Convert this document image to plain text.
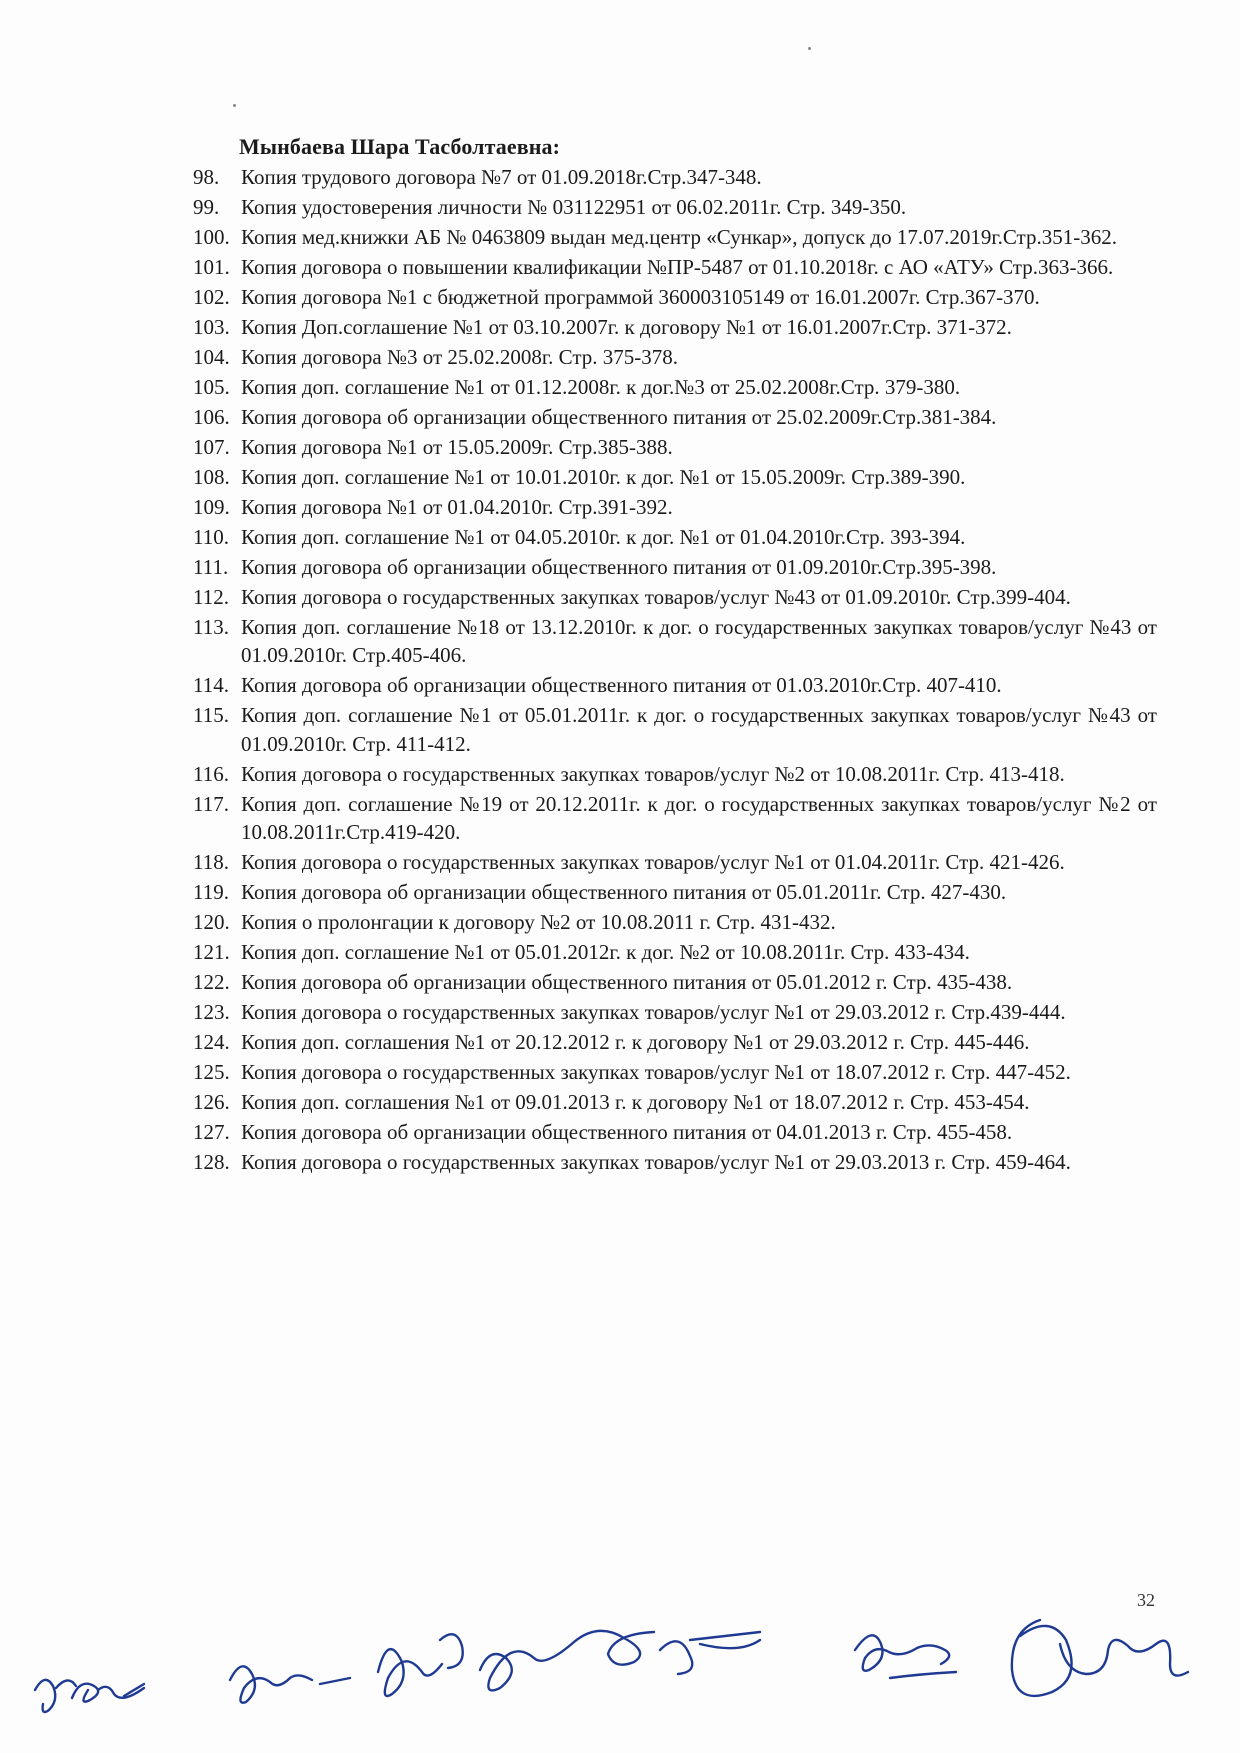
Мынбаева Шара Тасболтаевна:
98.	Копия трудового договора №7 от 01.09.2018г.Стр.347-348.
99.	Копия удостоверения личности № 031122951 от 06.02.2011г. Стр. 349-350.
100. Копия мед.книжки АБ № 0463809 выдан мед.центр «Сункар», допуск до 17.07.2019г.Стр.351-362.
101. Копия договора о повышении квалификации №ПР-5487 от 01.10.2018г. с АО «АТУ» Стр.363-366.
102. Копия договора №1 с бюджетной программой 360003105149 от 16.01.2007г. Стр.367-370.
103. Копия Доп.соглашение №1 от 03.10.2007г. к договору №1 от 16.01.2007г.Стр. 371-372.
104. Копия договора №3 от 25.02.2008г. Стр. 375-378.
105. Копия доп. соглашение №1 от 01.12.2008г. к дог.№3 от 25.02.2008г.Стр. 379-380.
106. Копия договора об организации общественного питания от 25.02.2009г.Стр.381-384.
107. Копия договора №1 от 15.05.2009г. Стр.385-388.
108. Копия доп. соглашение №1 от 10.01.2010г. к дог. №1 от 15.05.2009г. Стр.389-390.
109. Копия договора №1 от 01.04.2010г. Стр.391-392.
110. Копия доп. соглашение №1 от 04.05.2010г. к дог. №1 от 01.04.2010г.Стр. 393-394.
111. Копия договора об организации общественного питания от 01.09.2010г.Стр.395-398.
112. Копия договора о государственных закупках товаров/услуг №43 от 01.09.2010г. Стр.399-404.
113. Копия доп. соглашение №18 от 13.12.2010г. к дог. о государственных закупках товаров/услуг №43 от 01.09.2010г. Стр.405-406.
114. Копия договора об организации общественного питания от 01.03.2010г.Стр. 407-410.
115. Копия доп. соглашение №1 от 05.01.2011г. к дог. о государственных закупках товаров/услуг №43 от 01.09.2010г. Стр. 411-412.
116. Копия договора о государственных закупках товаров/услуг №2 от 10.08.2011г. Стр. 413-418.
117. Копия доп. соглашение №19 от 20.12.2011г. к дог. о государственных закупках товаров/услуг №2 от 10.08.2011г.Стр.419-420.
118. Копия договора о государственных закупках товаров/услуг №1 от 01.04.2011г. Стр. 421-426.
119. Копия договора об организации общественного питания от 05.01.2011г. Стр. 427-430.
120. Копия о пролонгации к договору №2 от 10.08.2011 г. Стр. 431-432.
121. Копия доп. соглашение №1 от 05.01.2012г. к дог. №2 от 10.08.2011г. Стр. 433-434.
122. Копия договора об организации общественного питания от 05.01.2012 г. Стр. 435-438.
123. Копия договора о государственных закупках товаров/услуг №1 от 29.03.2012 г. Стр.439-444.
124. Копия доп. соглашения №1 от 20.12.2012 г. к договору №1 от 29.03.2012 г. Стр. 445-446.
125. Копия договора о государственных закупках товаров/услуг №1 от 18.07.2012 г. Стр. 447-452.
126. Копия доп. соглашения №1 от 09.01.2013 г. к договору №1 от 18.07.2012 г. Стр. 453-454.
127. Копия договора об организации общественного питания от 04.01.2013 г. Стр. 455-458.
128. Копия договора о государственных закупках товаров/услуг №1 от 29.03.2013 г. Стр. 459-464.
32
